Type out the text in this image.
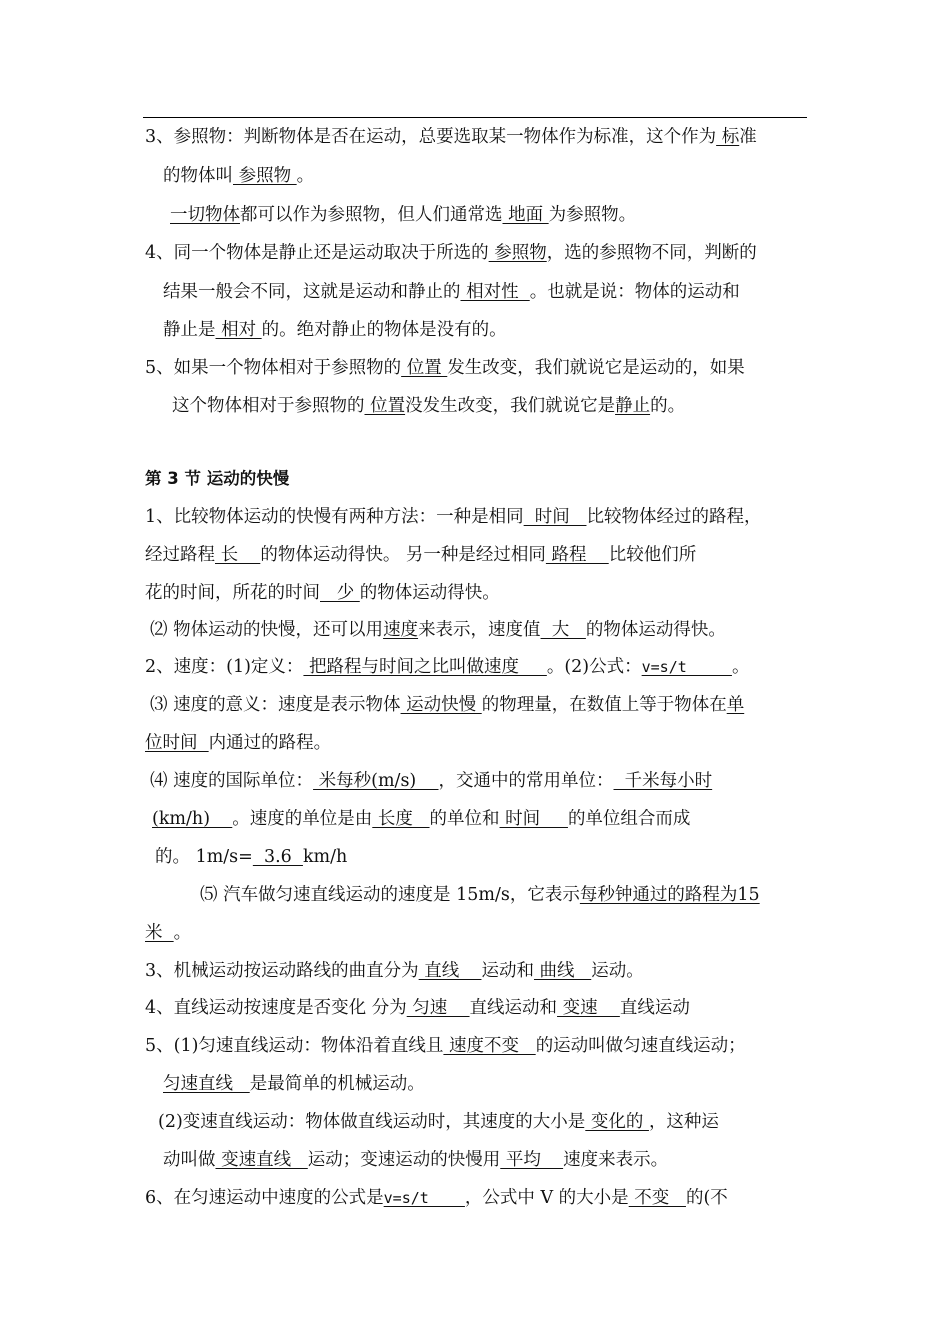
3、参照物：判断物体是否在运动，总要选取某一物体作为标准，这个作为 标准
的物体叫 参照物 。
一切物体都可以作为参照物，但人们通常选 地面 为参照物。
4、同一个物体是静止还是运动取决于所选的 参照物，选的参照物不同，判断的
结果一般会不同，这就是运动和静止的 相对性  。也就是说：物体的运动和
静止是 相对 的。绝对静止的物体是没有的。
5、如果一个物体相对于参照物的 位置 发生改变，我们就说它是运动的，如果
这个物体相对于参照物的 位置没发生改变，我们就说它是静止的。
第 3 节 运动的快慢
1、比较物体运动的快慢有两种方法：一种是相同  时间   比较物体经过的路程，
经过路程 长    的物体运动得快。 另一种是经过相同 路程    比较他们所
花的时间，所花的时间   少 的物体运动得快。
⑵ 物体运动的快慢，还可以用速度来表示，速度值  大   的物体运动得快。
2、速度：(1)定义： 把路程与时间之比叫做速度     。(2)公式：v=s/t     。
⑶ 速度的意义：速度是表示物体 运动快慢 的物理量，在数值上等于物体在单
位时间  内通过的路程。
⑷ 速度的国际单位： 米每秒(m/s)    ，交通中的常用单位：  千米每小时
(km/h)    。速度的单位是由 长度   的单位和 时间     的单位组合而成
的。 1m/s=  3.6  km/h
⑸ 汽车做匀速直线运动的速度是 15m/s，它表示每秒钟通过的路程为15
米  。
3、机械运动按运动路线的曲直分为 直线    运动和 曲线   运动。
4、直线运动按速度是否变化 分为 匀速    直线运动和 变速    直线运动
5、(1)匀速直线运动：物体沿着直线且 速度不变   的运动叫做匀速直线运动；
匀速直线   是最简单的机械运动。
(2)变速直线运动：物体做直线运动时，其速度的大小是 变化的 ，这种运
动叫做 变速直线   运动；变速运动的快慢用 平均    速度来表示。
6、在匀速运动中速度的公式是v=s/t    ，公式中 V 的大小是 不变   的(不
